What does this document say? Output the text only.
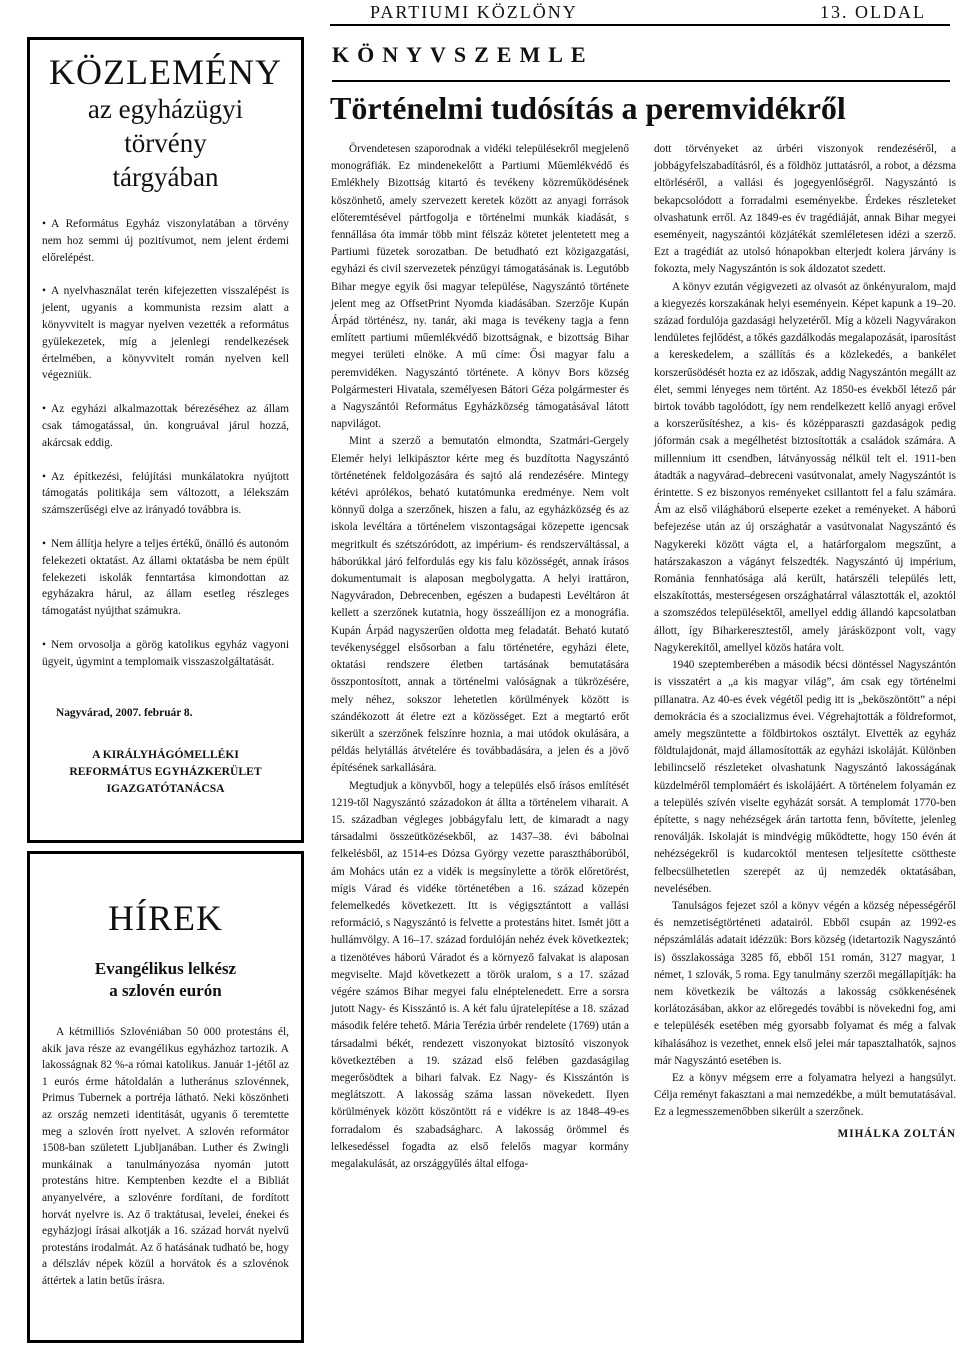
PARTIUMI KÖZLÖNY	13. OLDAL
KÖZLEMÉNY
az egyházügyi
törvény
tárgyában

• A Református Egyház viszonylatában a törvény nem hoz semmi új pozitívumot, nem jelent érdemi előrelépést.

• A nyelvhasználat terén kifejezetten visszalépést is jelent, ugyanis a kommunista rezsim alatt a könyvvitelt is magyar nyelven vezették a református gyülekezetek, míg a jelenlegi rendelkezések értelmében, a könyvvitelt román nyelven kell végezniük.

• Az egyházi alkalmazottak bérezéséhez az állam csak támogatással, ún. kongruával járul hozzá, akárcsak eddig.

• Az építkezési, felújítási munkálatokra nyújtott támogatás politikája sem változott, a lélekszám számszerűségi elve az irányadó továbbra is.

• Nem állítja helyre a teljes értékű, önálló és autonóm felekezeti oktatást. Az állami oktatásba be nem épült felekezeti iskolák fenntartása kimondottan az egyházakra hárul, az állam esetleg részleges támogatást nyújthat számukra.

• Nem orvosolja a görög katolikus egyház vagyoni ügyeit, úgymint a templomaik visszaszolgáltatását.

Nagyvárad, 2007. február 8.

A KIRÁLYHÁGÓMELLÉKI

REFORMÁTUS EGYHÁZKERÜLET

IGAZGATÓTANÁCSA

HÍREK
Evangélikus lelkész
a szlovén eurón

A kétmilliós Szlovéniában 50 000 protestáns él, akik java része az evangélikus egyházhoz tartozik. A lakosságnak 82 %-a római katolikus. Január 1-jétől az 1 eurós érme hátoldalán a lutheránus szlovénnek, Primus Tubernek a portréja látható. Neki köszönheti az ország nemzeti identitását, ugyanis ő teremtette meg a szlovén írott nyelvet. A szlovén reformátor 1508-ban született Ljubljanában. Luther és Zwingli munkáinak a tanulmányozása nyomán jutott protestáns hitre. Kemptenben kezdte el a Bibliát anyanyelvére, a szlovénre fordítani, de fordított horvát nyelvre is. Az ő traktátusai, levelei, énekei és egyházjogi írásai alkotják a 16. század horvát nyelvű protestáns irodalmát. Az ő hatásának tudható be, hogy a délszláv népek közül a horvátok és a szlovénok áttértek a latin betűs írásra.

KÖNYVSZEMLE
Történelmi tudósítás a peremvidékről

Örvendetesen szaporodnak a vidéki településekről megjelenő monográfiák. Ez mindenekelőtt a Partiumi Műemlékvédő és Emlékhely Bizottság kitartó és tevékeny közreműködésének köszönhető, amely szervezett keretek között az anyagi források előteremtésével pártfogolja e történelmi munkák kiadását, s fennállása óta immár több mint félszáz kötetet jelentetett meg a Partiumi füzetek sorozatban. De betudható ezt közigazgatási, egyházi és civil szervezetek pénzügyi támogatásának is. Legutóbb Bihar megye egyik ősi magyar települése, Nagyszántó története jelent meg az OffsetPrint Nyomda kiadásában. Szerzője Kupán Árpád történész, ny. tanár, aki maga is tevékeny tagja a fenn említett partiumi műemlékvédő bizottságnak, e bizottság Bihar megyei területi elnöke. A mű címe: Ősi magyar falu a peremvidéken. Nagyszántó története. A könyv Bors község Polgármesteri Hivatala, személyesen Bátori Géza polgármester és a Nagyszántói Református Egyházközség támogatásával látott napvilágot.

Mint a szerző a bemutatón elmondta, Szatmári-Gergely Elemér helyi lelkipásztor kérte meg és buzdította Nagyszántó történetének feldolgozására és sajtó alá rendezésére. Mintegy kétévi aprólékos, beható kutatómunka eredménye. Nem volt könnyű dolga a szerzőnek, hiszen a falu, az egyházközség és az iskola levéltára a történelem viszontagságai közepette igencsak megritkult és szétszóródott, az impérium- és rendszerváltással, a háborúkkal járó felfordulás egy kis falu közösségét, annak írásos dokumentumait is alaposan megbolygatta. A helyi irattáron, Nagyváradon, Debrecenben, egészen a budapesti Levéltáron át kellett a szerzőnek kutatnia, hogy összeállíjon ez a monográfia. Kupán Árpád nagyszerűen oldotta meg feladatát. Beható kutató tevékenységgel elsősorban a falu történetére, egyházi élete, oktatási rendszere életben tartásának bemutatására összpontosított, annak a történelmi valóságnak a tükrözésére, mely néhez, sokszor lehetetlen körülmények között is szándékozott át életre ezt a közösséget. Ezt a megtartó erőt sikerült a szerzőnek felszínre hoznia, a mai utódok okulására, a példás helytállás átvételére és továbbadására, a jelen és a jövő építésének sarkallására.

Megtudjuk a könyvből, hogy a település első írásos említését 1219-től Nagyszántó századokon át állta a történelem viharait. A 15. században végleges jobbágyfalu lett, de kimaradt a nagy társadalmi összeütközésekből, az 1437–38. évi bábolnai felkelésből, az 1514-es Dózsa György vezette parasztháborúból, ám Mohács után ez a vidék is megsínylette a török előretörést, mígis Várad és vidéke történetében a 16. század közepén felemelkedés következett. Itt is végigsztántott a vallási reformáció, s Nagyszántó is felvette a protestáns hitet. Ismét jött a hullámvölgy. A 16–17. század fordulóján nehéz évek következtek; a tizenötéves háború Váradot és a környező falvakat is alaposan megviselte. Majd következett a török uralom, s a 17. század végére számos Bihar megyei falu elnéptelenedett. Erre a sorsra jutott Nagy- és Kisszántó is. A két falu újratelepítése a 18. század második felére tehető. Mária Terézia úrbér rendelete (1769) után a társadalmi békét, rendezett viszonyokat biztosító viszonyok következtében a 19. század első felében gazdaságilag megerősödtek a bihari falvak. Ez Nagy- és Kisszántón is meglátszott. A lakosság száma lassan növekedett. Ilyen körülmények között köszöntött rá e vidékre is az 1848–49-es forradalom és szabadságharc. A lakosság örömmel és lelkesedéssel fogadta az első felelős magyar kormány megalakulását, az országgyűlés által elfoga-

dott törvényeket az úrbéri viszonyok rendezéséről, a jobbágyfelszabadításról, és a földhöz juttatásról, a robot, a dézsma eltörléséről, a vallási és jogegyenlőségről. Nagyszántó is bekapcsolódott a forradalmi eseményekbe. Érdekes részleteket olvashatunk erről. Az 1849-es év tragédiáját, annak Bihar megyei eseményeit, nagyszántói közjátékát szemléletesen idézi a szerző. Ezt a tragédiát az utolsó hónapokban elterjedt kolera járvány is fokozta, mely Nagyszántón is sok áldozatot szedett.

A könyv ezután végigvezeti az olvasót az önkényuralom, majd a kiegyezés korszakának helyi eseményein. Képet kapunk a 19–20. század fordulója gazdasági helyzetéről. Míg a közeli Nagyvárakon lendületes fejlődést, a tőkés gazdálkodás megalapozását, iparosítást a kereskedelem, a szállítás és a közlekedés, a bankélet korszerűsödését hozta ez az időszak, addig Nagyszántón megállt az élet, semmi lényeges nem történt. Az 1850-es évekből létező pár birtok tovább tagolódott, így nem rendelkezett kellő anyagi erővel a korszerűsítéshez, a kis- és középparaszti gazdaságok pedig jóformán csak a megélhetést biztosították a családok számára. A millennium itt csendben, látványosság nélkül telt el. 1911-ben átadták a nagyvárad–debreceni vasútvonalat, amely Nagyszántót is érintette. S ez biszonyos reményeket csillantott fel a falu számára. Ám az első világháború elseperte ezeket a reményeket. A háború befejezése után az új országhatár a vasútvonalat Nagyszántó és Nagykereki között vágta el, a határforgalom megszűnt, a határszakaszon a vágányt felszedték. Nagyszántó új impérium, Románia fennhatósága alá került, határszéli település lett, elszakítottás, mesterségesen országhatárral választották el, azoktól a szomszédos településektől, amellyel eddig állandó kapcsolatban állott, így Biharkeresztestől, amely járásközpont volt, vagy Nagykerekitől, amellyel közös határa volt.

1940 szeptemberében a második bécsi döntéssel Nagyszántón is visszatért a „a kis magyar világ”, ám csak egy történelmi pillanatra. Az 40-es évek végétől pedig itt is „beköszöntött” a népi demokrácia és a szocializmus évei. Végrehajtották a földreformot, amely megszüntette a földbirtokos osztályt. Elvették az egyház földtulajdonát, majd államosították az egyházi iskoláját. Különben lebilincselő részleteket olvashatunk Nagyszántó lakosságának küzdelméről templomáért és iskolájáért. A történelem folyamán ez a település szívén viselte egyházát sorsát. A templomát 1770-ben építette, s nagy nehézségek árán tartotta fenn, bővítette, jelenleg renoválják. Iskolaját is mindvégig működtette, hogy 150 évén át nehézségekről is kudarcoktól mentesen teljesítette csöttheste felbecsülhetetlen szerepét az új nemzedék oktatásában, nevelésében.

Tanulságos fejezet szól a könyv végén a község népességéről és nemzetiségtörténeti adatairól. Ebből csupán az 1992-es népszámlálás adatait idézzük: Bors község (idetartozik Nagyszántó is) összlakossága 3285 fő, ebből 151 román, 3127 magyar, 1 német, 1 szlovák, 5 roma. Egy tanulmány szerzői megállapítják: ha nem következik be változás a lakosság csökkenésének korlátozásában, akkor az előregedés további is növekedni fog, ami e településék esetében még gyorsabb folyamat és még a falvak kihalásához is vezethet, ennek első jelei már tapasztalhatók, sajnos már Nagyszántó esetében is.

Ez a könyv mégsem erre a folyamatra helyezi a hangsúlyt. Célja reményt fakasztani a mai nemzedékbe, a múlt bemutatásával. Ez a legmesszemenőbben sikerült a szerzőnek.

MIHÁLKA ZOLTÁN
